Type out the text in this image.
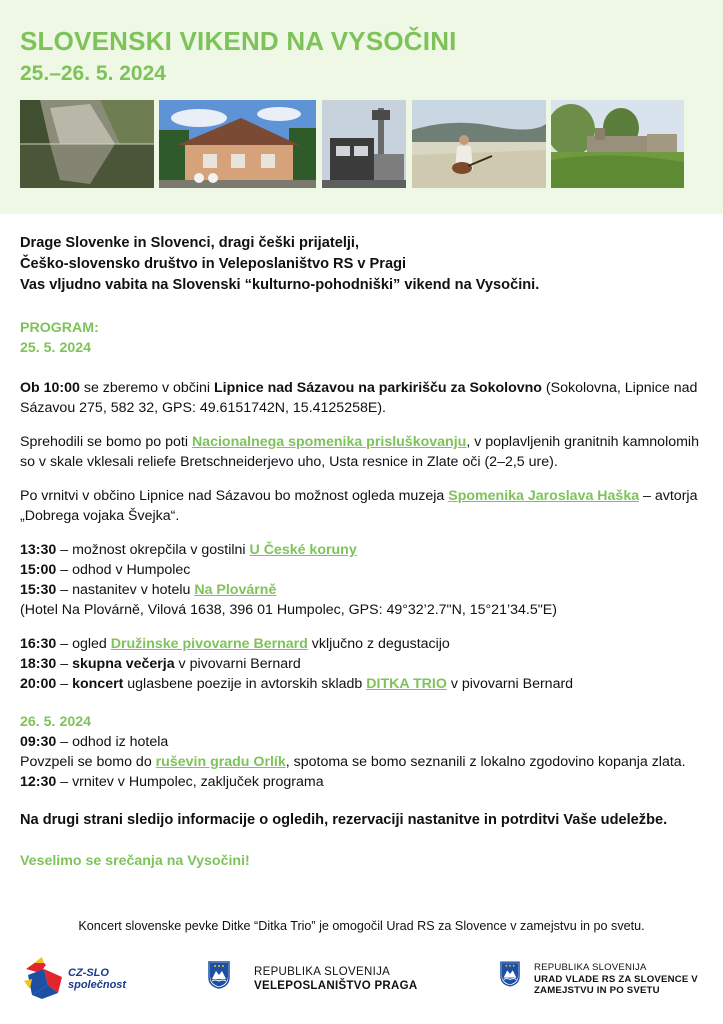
SLOVENSKI VIKEND NA VYSOČINI
25.–26. 5. 2024
Drage Slovenke in Slovenci, dragi češki prijatelji,
Češko-slovensko društvo in Veleposlaništvo RS v Pragi
Vas vljudno vabita na Slovenski “kulturno-pohodniški” vikend na Vysočini.
PROGRAM:
25. 5. 2024

Ob 10:00 se zberemo v občini Lipnice nad Sázavou na parkirišču za Sokolovno (Sokolovna, Lipnice nad Sázavou 275, 582 32, GPS: 49.6151742N, 15.4125258E).

Sprehodili se bomo po poti Nacionalnega spomenika prisluškovanju, v poplavljenih granitnih kamnolomih so v skale vklesali reliefe Bretschneiderjevo uho, Usta resnice in Zlate oči (2–2,5 ure).

Po vrnitvi v občino Lipnice nad Sázavou bo možnost ogleda muzeja Spomenika Jaroslava Haška – avtorja „Dobrega vojaka Švejka“.

13:30 – možnost okrepčila v gostilni U České koruny
15:00 – odhod v Humpolec
15:30 – nastanitev v hotelu Na Plovárně
(Hotel Na Plovárně, Vilová 1638, 396 01 Humpolec, GPS: 49°32’2.7"N, 15°21’34.5"E)
16:30 – ogled Družinske pivovarne Bernard vključno z degustacijo
18:30 – skupna večerja v pivovarni Bernard
20:00 – koncert uglasbene poezije in avtorskih skladb DITKA TRIO v pivovarni Bernard
26. 5. 2024
09:30 – odhod iz hotela
Povzpeli se bomo do ruševin gradu Orlík, spotoma se bomo seznanili z lokalno zgodovino kopanja zlata.
12:30 – vrnitev v Humpolec, zaključek programa

Na drugi strani sledijo informacije o ogledih, rezervaciji nastanitve in potrditvi Vaše udeležbe.

Veselimo se srečanja na Vysočini!

Koncert slovenske pevke Ditke “Ditka Trio” je omogočil Urad RS za Slovence v zamejstvu in po svetu.
CZ-SLO
společnost
REPUBLIKA SLOVENIJA
VELEPOSLANIŠTVO PRAGA
REPUBLIKA SLOVENIJA
URAD VLADE RS ZA SLOVENCE V
ZAMEJSTVU IN PO SVETU
